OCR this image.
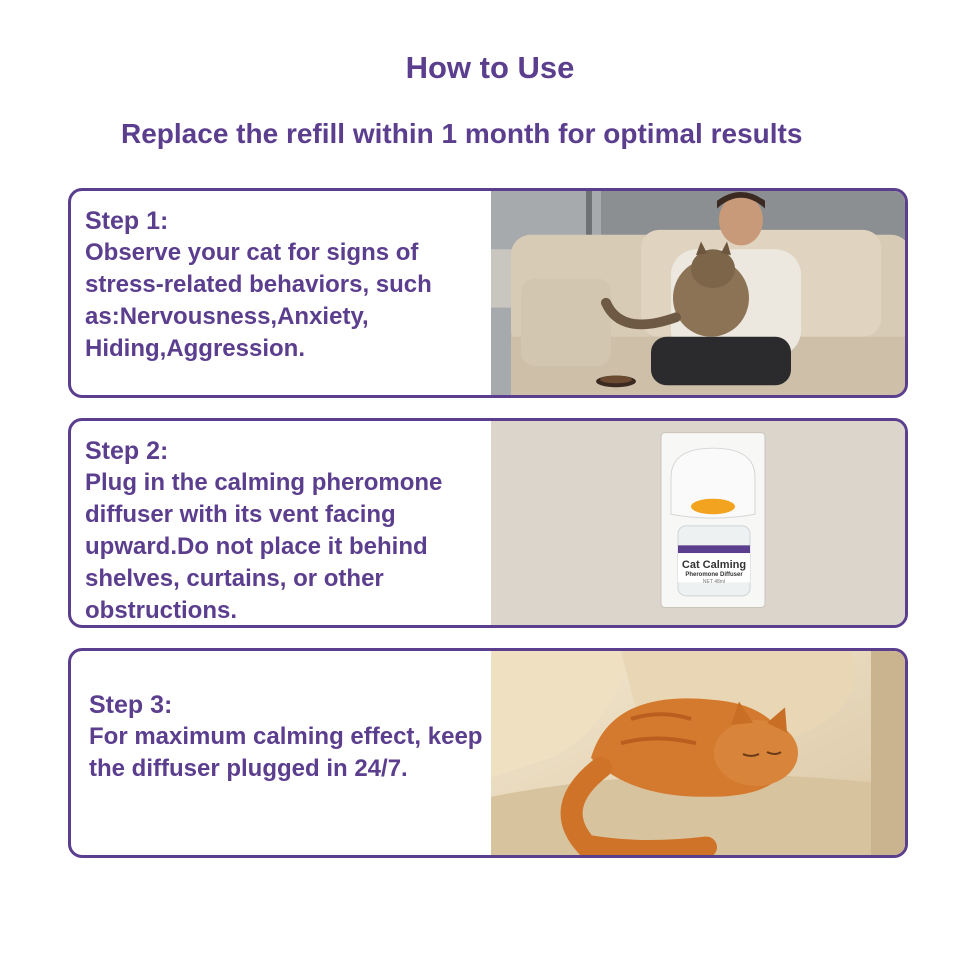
How to Use
Replace the refill within 1 month for optimal results
Step 1:
Observe your cat for signs of stress-related behaviors, such as:Nervousness,Anxiety, Hiding,Aggression.
Step 2:
Plug in the calming pheromone diffuser with its vent facing upward.Do not place it behind shelves, curtains, or other obstructions.
Cat Calming
Pheromone Diffuser
NET 48ml
Step 3:
For maximum calming effect, keep the diffuser plugged in 24/7.
